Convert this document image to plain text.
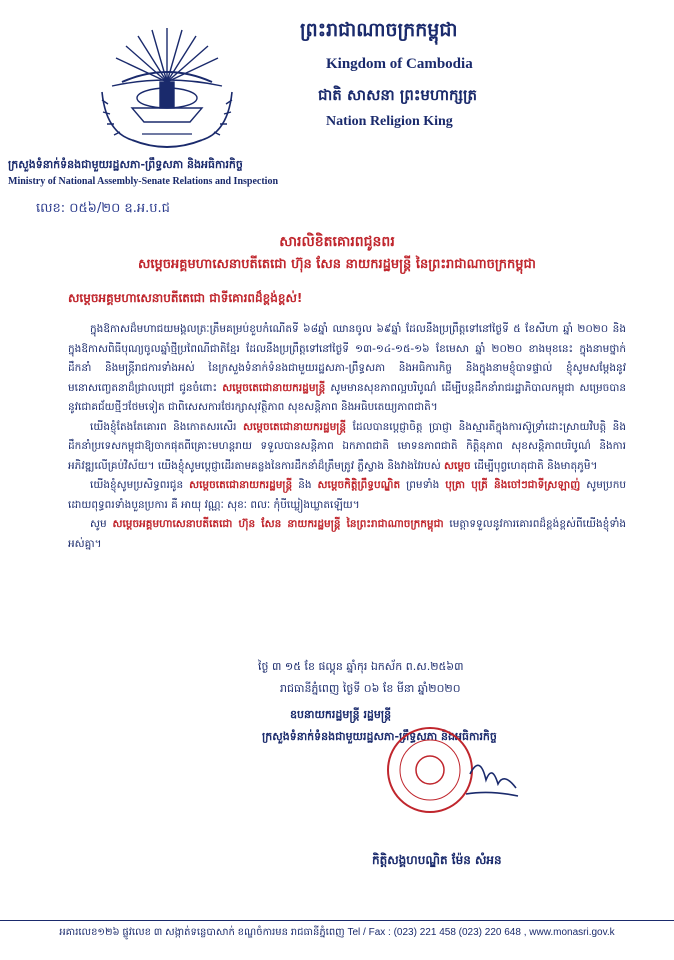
ព្រះរាជាណាចក្រកម្ពុជា
Kingdom of Cambodia
ជាតិ សាសនា ព្រះមហាក្សត្រ
Nation Religion King
ក្រសួងទំនាក់ទំនងជាមួយរដ្ឋសភា-ព្រឹទ្ធសភា និងអធិការកិច្ច
Ministry of National Assembly-Senate Relations and Inspection
លេខ: ០៥៦/២០ ឧ.អ.ប.ជ
សារលិខិតគោរពជូនពរ
សម្តេចអគ្គមហាសេនាបតីតេជោ ហ៊ុន សែន នាយករដ្ឋមន្ត្រី នៃព្រះរាជាណាចក្រកម្ពុជា
សម្តេចអគ្គមហាសេនាបតីតេជោ ជាទីគោរពដ៏ខ្ពង់ខ្ពស់!

ក្នុងឱកាសដ៏មហាជយមង្គលត្រៈត្រឹមគម្រប់ខួបកំណើតទី ៦៨ឆ្នាំ ឈានចូល ៦៩ឆ្នាំ ដែលនឹងប្រព្រឹត្តទៅនៅថ្ងៃទី ៥ ខែសីហា ឆ្នាំ ២០២០ និងក្នុងឱកាសពិធីបុណ្យចូលឆ្នាំថ្មីប្រពៃណីជាតិខ្មែរ ដែលនឹងប្រព្រឹត្តទៅនៅថ្ងៃទី ១៣-១៤-១៥-១៦ ខែមេសា ឆ្នាំ ២០២០ ខាងមុខនេះ ក្នុងនាមថ្នាក់ដឹកនាំ និងមន្ត្រីរាជការទាំងអស់ នៃក្រសួងទំនាក់ទំនងជាមួយរដ្ឋសភា-ព្រឹទ្ធសភា និងអធិការកិច្ច និងក្នុងនាមខ្ញុំបាទផ្ទាល់ ខ្ញុំសូមសម្តែងនូវមនោសញ្ចេតនាដ៏ជ្រាលជ្រៅ ជូនចំពោះ សម្តេចតេជោនាយករដ្ឋមន្ត្រី សូមមានសុខភាពល្អបរិបូណ៌ ដើម្បីបន្តដឹកនាំរាជរដ្ឋាភិបាលកម្ពុជា សម្រេចបាននូវជោគជ័យថ្មីៗថែមទៀត ជាពិសេសការថែរក្សាសុវត្ថិភាព សុខសន្តិភាព និងអធិបតេយ្យភាពជាតិ។

យើងខ្ញុំតែងតែគោរព និងកោតសរសើរ សម្តេចតេជោនាយករដ្ឋមន្ត្រី ដែលបានប្តេជ្ញាចិត្ត ប្រាជ្ញា និងស្មារតីក្នុងការស៊ូទ្រាំដោះស្រាយវិបត្តិ និងដឹកនាំប្រទេសកម្ពុជាឱ្យចាកផុតពីគ្រោះមហន្តរាយ ទទួលបានសន្តិភាព ឯកភាពជាតិ មោទនភាពជាតិ កិត្តិនុភាព សុខសន្តិភាពបរិបូណ៌ និងការអភិវឌ្ឍលើគ្រប់វិស័យ។ យើងខ្ញុំសូមប្តេជ្ញាដើរតាមគន្លងនៃការដឹកនាំដ៏ត្រឹមត្រូវ ភ្លឺស្វាង និងវាងវៃរបស់ សម្តេច ដើម្បីបុព្វហេតុជាតិ និងមាតុភូមិ។

យើងខ្ញុំសូមប្រសិទ្ធពរជូន សម្តេចតេជោនាយករដ្ឋមន្ត្រី និង សម្តេចកិត្តិព្រឹទ្ធបណ្ឌិត ព្រមទាំង បុត្រា បុត្រី និងចៅៗជាទីស្រឡាញ់ សូមប្រកបដោយពុទ្ធពរទាំងបួនប្រការ គឺ អាយុ វណ្ណៈ សុខៈ ពលៈ កុំបីឃ្លៀងឃ្លាតឡើយ។

សូម សម្តេចអគ្គមហាសេនាបតីតេជោ ហ៊ុន សែន នាយករដ្ឋមន្ត្រី នៃព្រះរាជាណាចក្រកម្ពុជា មេត្តាទទួលនូវការគោរពដ៏ខ្ពង់ខ្ពស់ពីយើងខ្ញុំទាំងអស់គ្នា។

ថ្ងៃ ៣ ១៥ ខែ ផល្គុន ឆ្នាំកុរ ឯកស័ក ព.ស.២៥៦៣
រាជធានីភ្នំពេញ ថ្ងៃទី ០៦ ខែ មីនា ឆ្នាំ២០២០
ឧបនាយករដ្ឋមន្ត្រី រដ្ឋមន្ត្រី
ក្រសួងទំនាក់ទំនងជាមួយរដ្ឋសភា-ព្រឹទ្ធសភា និងអធិការកិច្ច
កិត្តិសង្គហបណ្ឌិត ម៉ែន សំអន
អគារលេខ១២៦ ផ្លូវលេខ ៣ សង្កាត់ទន្លេបាសាក់ ខណ្ឌចំការមន រាជធានីភ្នំពេញ Tel / Fax : (023) 221 458 (023) 220 648 , www.monasri.gov.k
